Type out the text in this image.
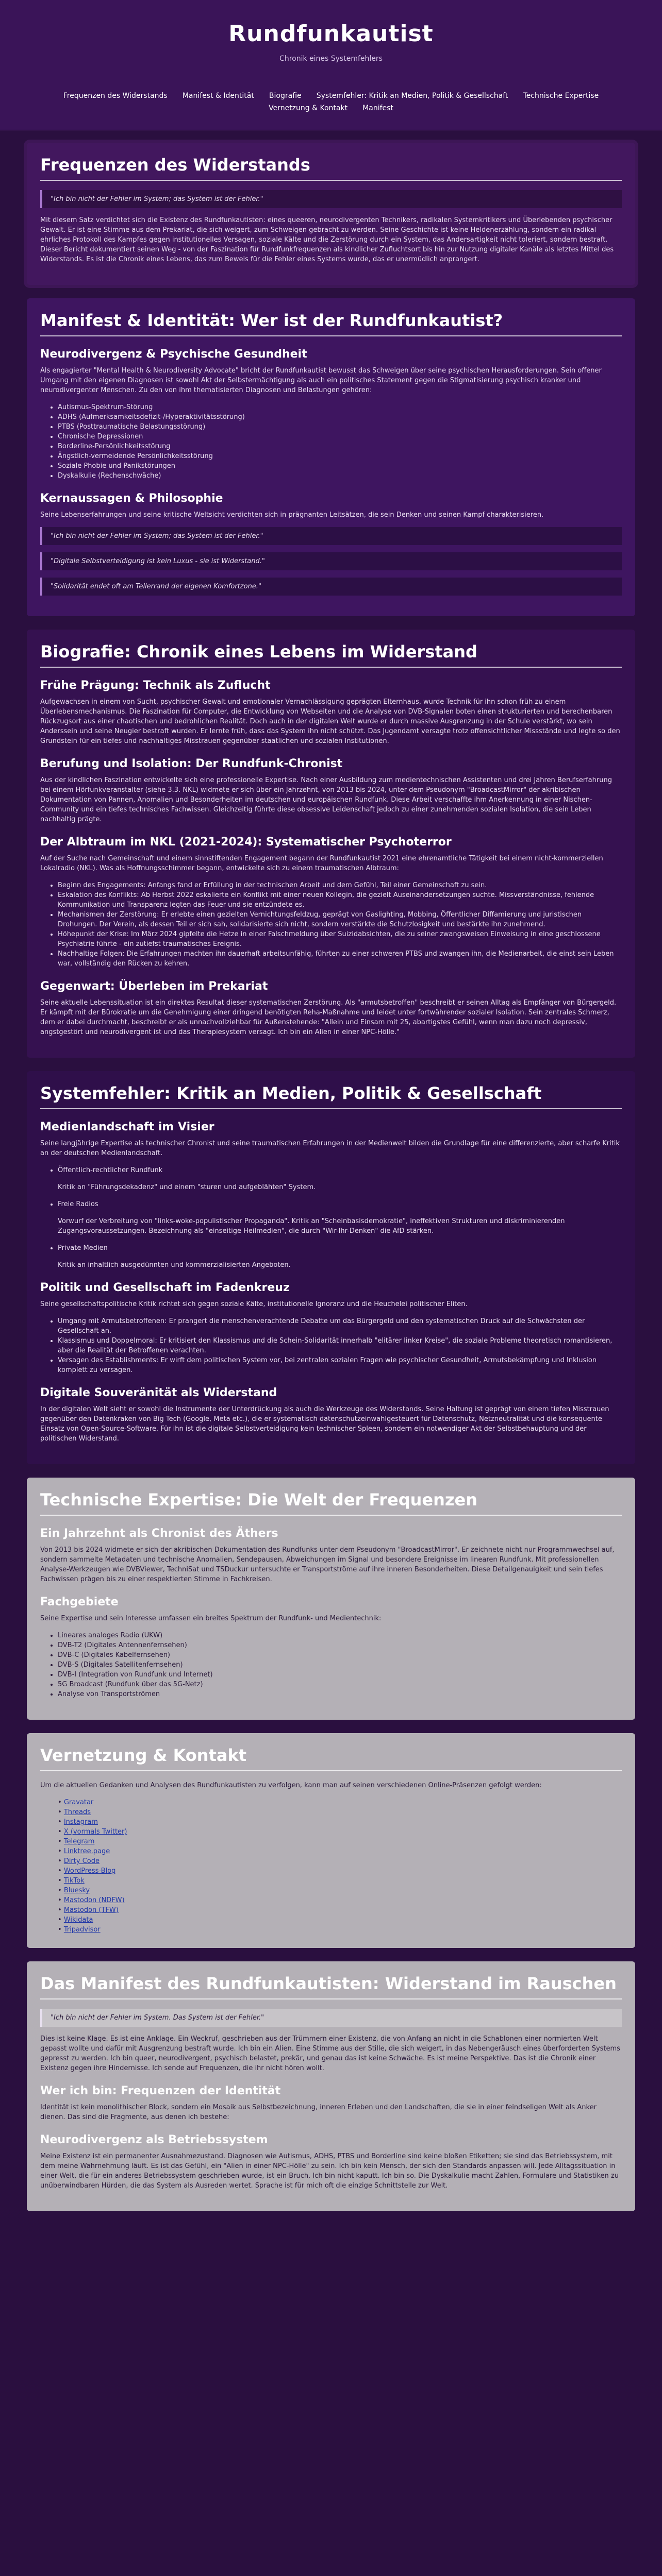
Rundfunkautist

Chronik eines Systemfehlers

Frequenzen des Widerstands Manifest & Identität Biografie Systemfehler: Kritik an Medien, Politik & Gesellschaft Technische Expertise Vernetzung & Kontakt Manifest
Frequenzen des Widerstands
"Ich bin nicht der Fehler im System; das System ist der Fehler."

Mit diesem Satz verdichtet sich die Existenz des Rundfunkautisten: eines queeren, neurodivergenten Technikers, radikalen Systemkritikers und Überlebenden psychischer Gewalt. Er ist eine Stimme aus dem Prekariat, die sich weigert, zum Schweigen gebracht zu werden. Seine Geschichte ist keine Heldenerzählung, sondern ein radikal ehrliches Protokoll des Kampfes gegen institutionelles Versagen, soziale Kälte und die Zerstörung durch ein System, das Andersartigkeit nicht toleriert, sondern bestraft. Dieser Bericht dokumentiert seinen Weg - von der Faszination für Rundfunkfrequenzen als kindlicher Zufluchtsort bis hin zur Nutzung digitaler Kanäle als letztes Mittel des Widerstands. Es ist die Chronik eines Lebens, das zum Beweis für die Fehler eines Systems wurde, das er unermüdlich anprangert.

Manifest & Identität: Wer ist der Rundfunkautist?
Neurodivergenz & Psychische Gesundheit

Als engagierter "Mental Health & Neurodiversity Advocate" bricht der Rundfunkautist bewusst das Schweigen über seine psychischen Herausforderungen. Sein offener Umgang mit den eigenen Diagnosen ist sowohl Akt der Selbstermächtigung als auch ein politisches Statement gegen die Stigmatisierung psychisch kranker und neurodivergenter Menschen. Zu den von ihm thematisierten Diagnosen und Belastungen gehören:

• Autismus-Spektrum-Störung
• ADHS (Aufmerksamkeitsdefizit-/Hyperaktivitätsstörung)
• PTBS (Posttraumatische Belastungsstörung)
• Chronische Depressionen
• Borderline-Persönlichkeitsstörung
• Ängstlich-vermeidende Persönlichkeitsstörung
• Soziale Phobie und Panikstörungen
• Dyskalkulie (Rechenschwäche)
Kernaussagen & Philosophie

Seine Lebenserfahrungen und seine kritische Weltsicht verdichten sich in prägnanten Leitsätzen, die sein Denken und seinen Kampf charakterisieren.

"Ich bin nicht der Fehler im System; das System ist der Fehler."
"Digitale Selbstverteidigung ist kein Luxus - sie ist Widerstand."
"Solidarität endet oft am Tellerrand der eigenen Komfortzone."
Biografie: Chronik eines Lebens im Widerstand
Frühe Prägung: Technik als Zuflucht

Aufgewachsen in einem von Sucht, psychischer Gewalt und emotionaler Vernachlässigung geprägten Elternhaus, wurde Technik für ihn schon früh zu einem Überlebensmechanismus. Die Faszination für Computer, die Entwicklung von Webseiten und die Analyse von DVB-Signalen boten einen strukturierten und berechenbaren Rückzugsort aus einer chaotischen und bedrohlichen Realität. Doch auch in der digitalen Welt wurde er durch massive Ausgrenzung in der Schule verstärkt, wo sein Anderssein und seine Neugier bestraft wurden. Er lernte früh, dass das System ihn nicht schützt. Das Jugendamt versagte trotz offensichtlicher Missstände und legte so den Grundstein für ein tiefes und nachhaltiges Misstrauen gegenüber staatlichen und sozialen Institutionen.

Berufung und Isolation: Der Rundfunk-Chronist

Aus der kindlichen Faszination entwickelte sich eine professionelle Expertise. Nach einer Ausbildung zum medientechnischen Assistenten und drei Jahren Berufserfahrung bei einem Hörfunkveranstalter (siehe 3.3. NKL) widmete er sich über ein Jahrzehnt, von 2013 bis 2024, unter dem Pseudonym "BroadcastMirror" der akribischen Dokumentation von Pannen, Anomalien und Besonderheiten im deutschen und europäischen Rundfunk. Diese Arbeit verschaffte ihm Anerkennung in einer Nischen-Community und ein tiefes technisches Fachwissen. Gleichzeitig führte diese obsessive Leidenschaft jedoch zu einer zunehmenden sozialen Isolation, die sein Leben nachhaltig prägte.

Der Albtraum im NKL (2021-2024): Systematischer Psychoterror

Auf der Suche nach Gemeinschaft und einem sinnstiftenden Engagement begann der Rundfunkautist 2021 eine ehrenamtliche Tätigkeit bei einem nicht-kommerziellen Lokalradio (NKL). Was als Hoffnungsschimmer begann, entwickelte sich zu einem traumatischen Albtraum:

• Beginn des Engagements: Anfangs fand er Erfüllung in der technischen Arbeit und dem Gefühl, Teil einer Gemeinschaft zu sein.
• Eskalation des Konflikts: Ab Herbst 2022 eskalierte ein Konflikt mit einer neuen Kollegin, die gezielt Auseinandersetzungen suchte. Missverständnisse, fehlende Kommunikation und Transparenz legten das Feuer und sie entzündete es.
• Mechanismen der Zerstörung: Er erlebte einen gezielten Vernichtungsfeldzug, geprägt von Gaslighting, Mobbing, Öffentlicher Diffamierung und juristischen Drohungen. Der Verein, als dessen Teil er sich sah, solidarisierte sich nicht, sondern verstärkte die Schutzlosigkeit und bestärkte ihn zunehmend.
• Höhepunkt der Krise: Im März 2024 gipfelte die Hetze in einer Falschmeldung über Suizidabsichten, die zu seiner zwangsweisen Einweisung in eine geschlossene Psychiatrie führte - ein zutiefst traumatisches Ereignis.
• Nachhaltige Folgen: Die Erfahrungen machten ihn dauerhaft arbeitsunfähig, führten zu einer schweren PTBS und zwangen ihn, die Medienarbeit, die einst sein Leben war, vollständig den Rücken zu kehren.
Gegenwart: Überleben im Prekariat

Seine aktuelle Lebenssituation ist ein direktes Resultat dieser systematischen Zerstörung. Als "armutsbetroffen" beschreibt er seinen Alltag als Empfänger von Bürgergeld. Er kämpft mit der Bürokratie um die Genehmigung einer dringend benötigten Reha-Maßnahme und leidet unter fortwährender sozialer Isolation. Sein zentrales Schmerz, dem er dabei durchmacht, beschreibt er als unnachvollziehbar für Außenstehende: "Allein und Einsam mit 25, abartigstes Gefühl, wenn man dazu noch depressiv, angstgestört und neurodivergent ist und das Therapiesystem versagt. Ich bin ein Alien in einer NPC-Hölle."

Systemfehler: Kritik an Medien, Politik & Gesellschaft
Medienlandschaft im Visier

Seine langjährige Expertise als technischer Chronist und seine traumatischen Erfahrungen in der Medienwelt bilden die Grundlage für eine differenzierte, aber scharfe Kritik an der deutschen Medienlandschaft.

• Öffentlich-rechtlicher Rundfunk

Kritik an "Führungsdekadenz" und einem "sturen und aufgeblähten" System.

• Freie Radios

Vorwurf der Verbreitung von "links-woke-populistischer Propaganda". Kritik an "Scheinbasisdemokratie", ineffektiven Strukturen und diskriminierenden Zugangsvoraussetzungen. Bezeichnung als "einseitige Heilmedien", die durch "Wir-Ihr-Denken" die AfD stärken.

• Private Medien

Kritik an inhaltlich ausgedünnten und kommerzialisierten Angeboten.

Politik und Gesellschaft im Fadenkreuz

Seine gesellschaftspolitische Kritik richtet sich gegen soziale Kälte, institutionelle Ignoranz und die Heuchelei politischer Eliten.

• Umgang mit Armutsbetroffenen: Er prangert die menschenverachtende Debatte um das Bürgergeld und den systematischen Druck auf die Schwächsten der Gesellschaft an.
• Klassismus und Doppelmoral: Er kritisiert den Klassismus und die Schein-Solidarität innerhalb "elitärer linker Kreise", die soziale Probleme theoretisch romantisieren, aber die Realität der Betroffenen verachten.
• Versagen des Establishments: Er wirft dem politischen System vor, bei zentralen sozialen Fragen wie psychischer Gesundheit, Armutsbekämpfung und Inklusion komplett zu versagen.
Digitale Souveränität als Widerstand

In der digitalen Welt sieht er sowohl die Instrumente der Unterdrückung als auch die Werkzeuge des Widerstands. Seine Haltung ist geprägt von einem tiefen Misstrauen gegenüber den Datenkraken von Big Tech (Google, Meta etc.), die er systematisch datenschutzeinwahlgesteuert für Datenschutz, Netzneutralität und die konsequente Einsatz von Open-Source-Software. Für ihn ist die digitale Selbstverteidigung kein technischer Spleen, sondern ein notwendiger Akt der Selbstbehauptung und der politischen Widerstand.

Technische Expertise: Die Welt der Frequenzen
Ein Jahrzehnt als Chronist des Äthers

Von 2013 bis 2024 widmete er sich der akribischen Dokumentation des Rundfunks unter dem Pseudonym "BroadcastMirror". Er zeichnete nicht nur Programmwechsel auf, sondern sammelte Metadaten und technische Anomalien, Sendepausen, Abweichungen im Signal und besondere Ereignisse im linearen Rundfunk. Mit professionellen Analyse-Werkzeugen wie DVBViewer, TechniSat und TSDuckur untersuchte er Transportströme auf ihre inneren Besonderheiten. Diese Detailgenauigkeit und sein tiefes Fachwissen prägen bis zu einer respektierten Stimme in Fachkreisen.

Fachgebiete

Seine Expertise und sein Interesse umfassen ein breites Spektrum der Rundfunk- und Medientechnik:

• Lineares analoges Radio (UKW)
• DVB-T2 (Digitales Antennenfernsehen)
• DVB-C (Digitales Kabelfernsehen)
• DVB-S (Digitales Satellitenfernsehen)
• DVB-I (Integration von Rundfunk und Internet)
• 5G Broadcast (Rundfunk über das 5G-Netz)
• Analyse von Transportströmen
Vernetzung & Kontakt

Um die aktuellen Gedanken und Analysen des Rundfunkautisten zu verfolgen, kann man auf seinen verschiedenen Online-Präsenzen gefolgt werden:

• Gravatar
• Threads
• Instagram
• X (vormals Twitter)
• Telegram
• Linktree.page
• Dirty Code
• WordPress-Blog
• TikTok
• Bluesky
• Mastodon (NDFW)
• Mastodon (TFW)
• Wikidata
• Tripadvisor
Das Manifest des Rundfunkautisten: Widerstand im Rauschen
"Ich bin nicht der Fehler im System. Das System ist der Fehler."

Dies ist keine Klage. Es ist eine Anklage. Ein Weckruf, geschrieben aus der Trümmern einer Existenz, die von Anfang an nicht in die Schablonen einer normierten Welt gepasst wollte und dafür mit Ausgrenzung bestraft wurde. Ich bin ein Alien. Eine Stimme aus der Stille, die sich weigert, in das Nebengeräusch eines überforderten Systems gepresst zu werden. Ich bin queer, neurodivergent, psychisch belastet, prekär, und genau das ist keine Schwäche. Es ist meine Perspektive. Das ist die Chronik einer Existenz gegen ihre Hindernisse. Ich sende auf Frequenzen, die ihr nicht hören wollt.

Wer ich bin: Frequenzen der Identität

Identität ist kein monolithischer Block, sondern ein Mosaik aus Selbstbezeichnung, inneren Erleben und den Landschaften, die sie in einer feindseligen Welt als Anker dienen. Das sind die Fragmente, aus denen ich bestehe:

Neurodivergenz als Betriebssystem

Meine Existenz ist ein permanenter Ausnahmezustand. Diagnosen wie Autismus, ADHS, PTBS und Borderline sind keine bloßen Etiketten; sie sind das Betriebssystem, mit dem meine Wahrnehmung läuft. Es ist das Gefühl, ein "Alien in einer NPC-Hölle" zu sein. Ich bin kein Mensch, der sich den Standards anpassen will. Jede Alltagssituation in einer Welt, die für ein anderes Betriebssystem geschrieben wurde, ist ein Bruch. Ich bin nicht kaputt. Ich bin so. Die Dyskalkulie macht Zahlen, Formulare und Statistiken zu unüberwindbaren Hürden, die das System als Ausreden wertet. Sprache ist für mich oft die einzige Schnittstelle zur Welt.
